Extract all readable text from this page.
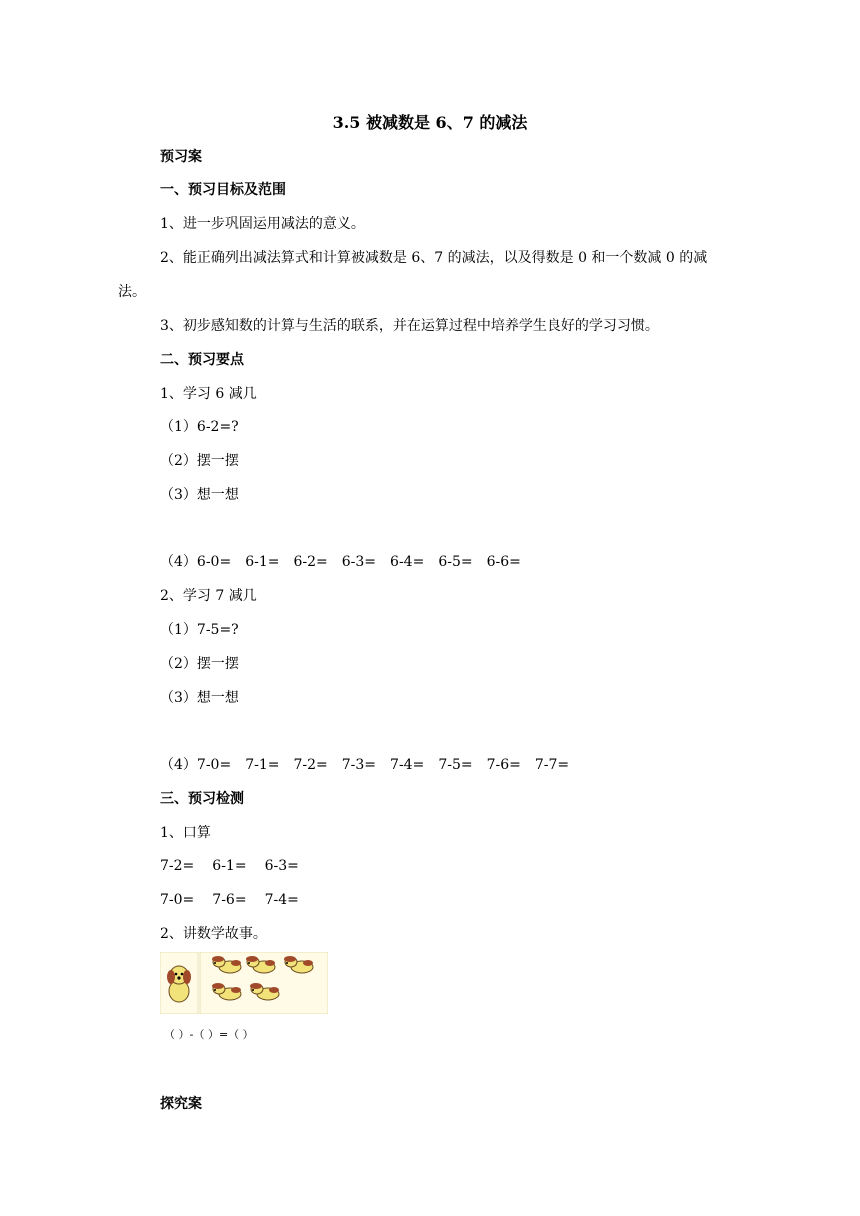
3.5 被减数是 6、7 的减法
预习案
一、预习目标及范围
1、进一步巩固运用减法的意义。
2、能正确列出减法算式和计算被减数是 6、7 的减法，以及得数是 0 和一个数减 0 的减
法。
3、初步感知数的计算与生活的联系，并在运算过程中培养学生良好的学习习惯。
二、预习要点
1、学习 6 减几
（1）6-2=?
（2）摆一摆
（3）想一想
（4）6-0= 6-1= 6-2= 6-3= 6-4= 6-5= 6-6=
2、学习 7 减几
（1）7-5=?
（2）摆一摆
（3）想一想
（4）7-0= 7-1= 7-2= 7-3= 7-4= 7-5= 7-6= 7-7=
三、预习检测
1、口算
7-2= 6-1= 6-3=
7-0= 7-6= 7-4=
2、讲数学故事。
（ ）-（ ）=（ ）
探究案
